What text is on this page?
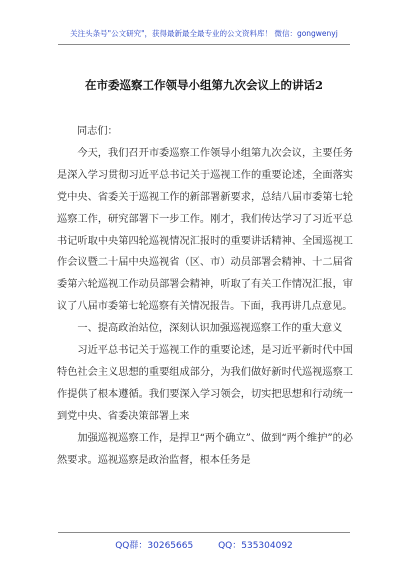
关注头条号"公文研究"，获得最新最全最专业的公文资料库！ 微信：gongwenyj
在市委巡察工作领导小组第九次会议上的讲话2

同志们：

今天，我们召开市委巡察工作领导小组第九次会议，主要任务是深入学习贯彻习近平总书记关于巡视工作的重要论述，全面落实党中央、省委关于巡视工作的新部署新要求，总结八届市委第七轮巡察工作，研究部署下一步工作。刚才，我们传达学习了习近平总书记听取中央第四轮巡视情况汇报时的重要讲话精神、全国巡视工作会议暨二十届中央巡视省（区、市）动员部署会精神、十二届省委第六轮巡视工作动员部署会精神，听取了有关工作情况汇报，审议了八届市委第七轮巡察有关情况报告。下面，我再讲几点意见。

一、提高政治站位，深刻认识加强巡视巡察工作的重大意义

习近平总书记关于巡视工作的重要论述，是习近平新时代中国特色社会主义思想的重要组成部分，为我们做好新时代巡视巡察工作提供了根本遵循。我们要深入学习领会，切实把思想和行动统一到党中央、省委决策部署上来

加强巡视巡察工作，是捍卫“两个确立”、做到“两个维护”的必然要求。巡视巡察是政治监督，根本任务是

QQ群：30265665	QQ：535304092
